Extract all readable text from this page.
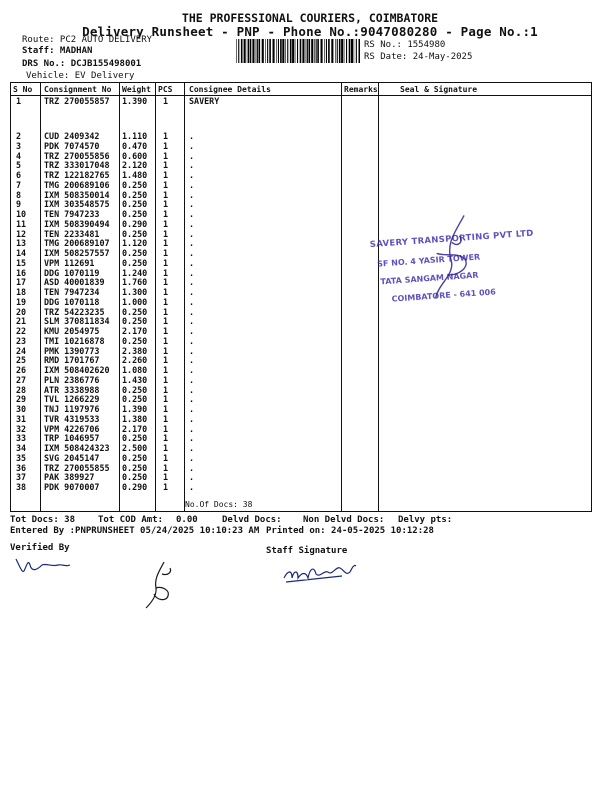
THE PROFESSIONAL COURIERS, COIMBATORE
Delivery Runsheet - PNP - Phone No.:9047080280 - Page No.:1
Route: PC2 AUTO DELIVERY
Staff: MADHAN
DRS No.: DCJB155498001
Vehicle: EV Delivery
RS No.: 1554980
RS Date: 24-May-2025
S No Consignment No Weight PCS Consignee Details	Remarks	Seal & Signature
1	TRZ 270055857 1.390 1 SAVERY
2	CUD 2409342	1.110 1 .
3	PDK 7074570	0.470 1 .
4	TRZ 270055856 0.600 1 .
5	TRZ 333017048 2.120 1 .
6	TRZ 122182765 1.480 1 .
7	TMG 200689106 0.250 1 .
8	IXM 508350014 0.250 1 .
9	IXM 303548575 0.250 1 .
10 TEN 7947233	0.250 1 .
11 IXM 508390494 0.290 1 .
12 TEN 2233481	0.250 1 .
13 TMG 200689107 1.120 1 .
14 IXM 508257557 0.250 1 .
15 VPM 112691	0.250 1 .
16 DDG 1070119	1.240 1 .
17 ASD 40001839 1.760 1 .
18 TEN 7947234	1.300 1 .
19 DDG 1070118	1.000 1 .
20 TRZ 54223235 0.250 1 .
21 SLM 370811834 0.250 1 .
22 KMU 2054975	2.170 1 .
23 TMI 10216878 0.250 1 .
24 PMK 1390773	2.380 1 .
25 RMD 1701767	2.260 1 .
26 IXM 508402620 1.080 1 .
27 PLN 2386776	1.430 1 .
28 ATR 3338988	0.250 1 .
29 TVL 1266229	0.250 1 .
30 TNJ 1197976	1.390 1 .
31 TVR 4319533	1.380 1 .
32 VPM 4226706	2.170 1 .
33 TRP 1046957	0.250 1 .
34 IXM 508424323 2.500 1 .
35 SVG 2045147	0.250 1 .
36 TRZ 270055855 0.250 1 .
37 PAK 389927	0.250 1 .
38 PDK 9070007	0.290 1 .
No.Of Docs: 38
SAVERY TRANSPORTING PVT LTD
SF NO. 4 YASIR TOWER
TATA SANGAM NAGAR
COIMBATORE - 641 006
Tot Docs: 38	Tot COD Amt: 0.00	Delvd Docs: Non Delvd Docs: Delvy pts:
Entered By :PNPRUNSHEET 05/24/2025 10:10:23 AM Printed on: 24-05-2025 10:12:28
Verified By	Staff Signature
